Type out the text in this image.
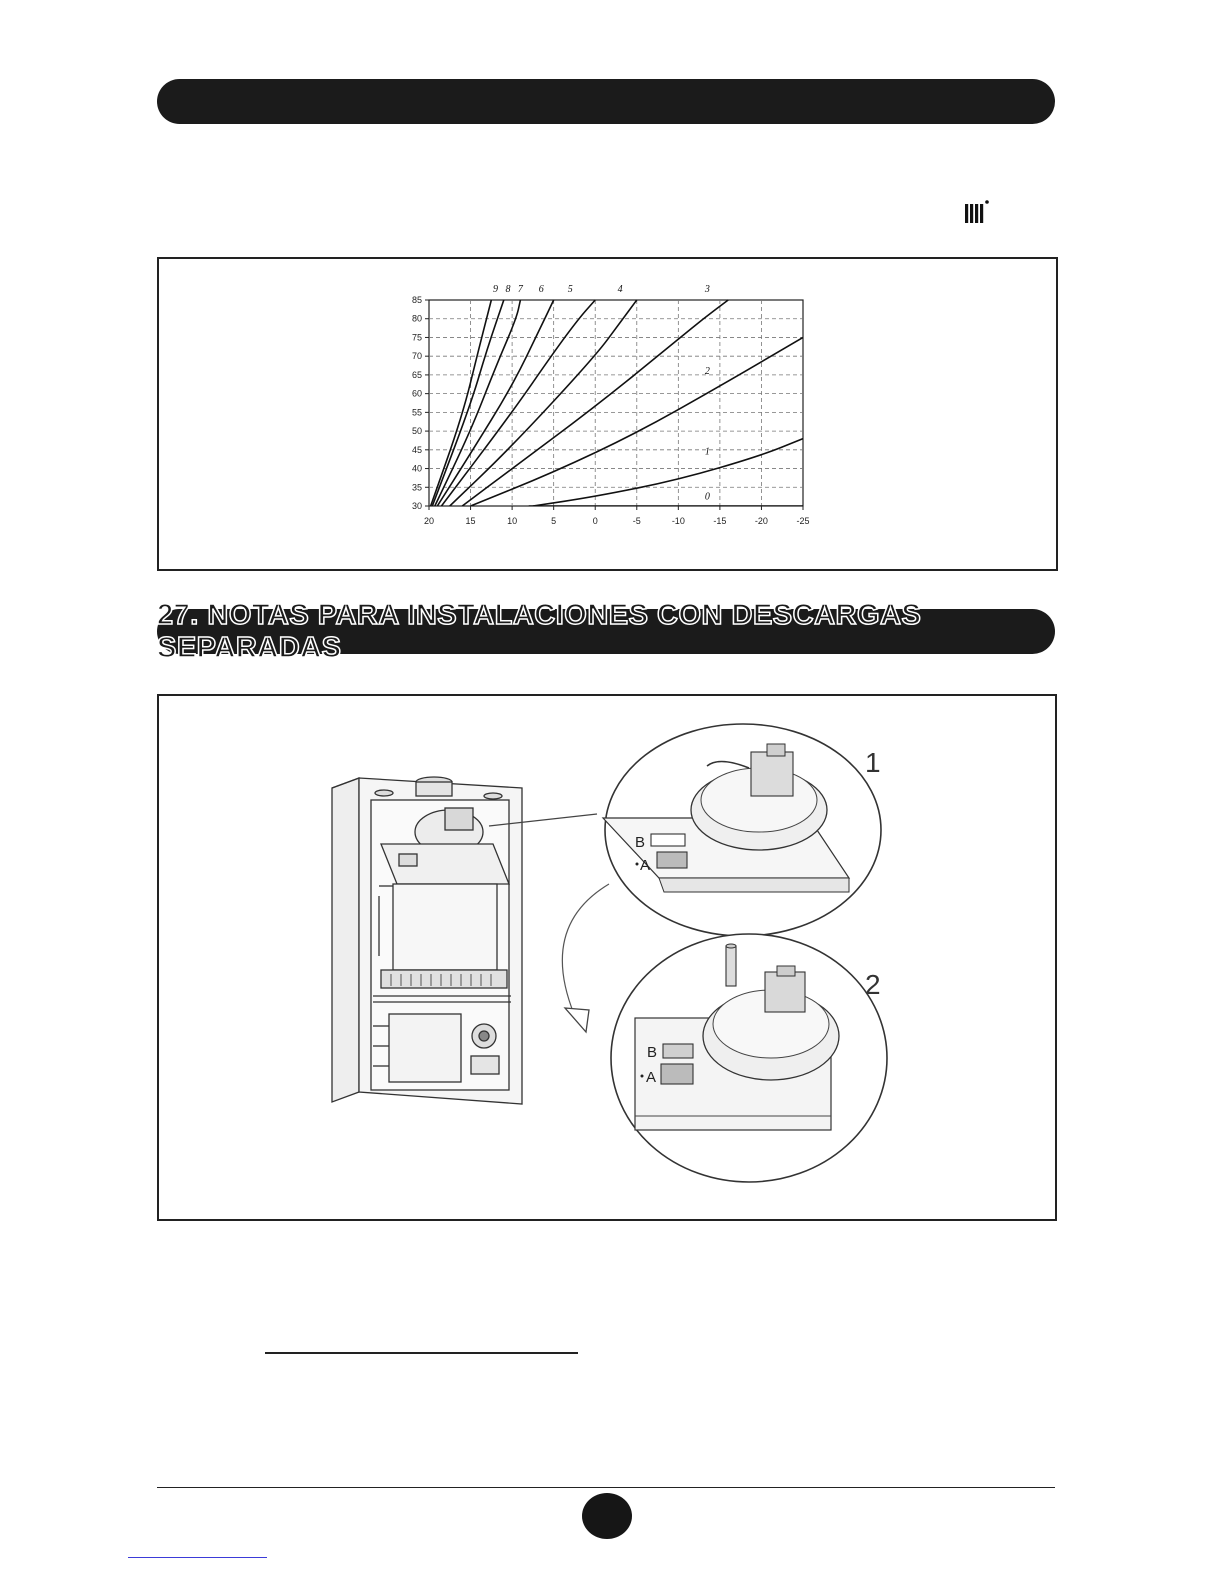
20	15	10	5	0	-5	-10	-15	-20	-25
30
35
40
45
50
55
60
65
70
75
80
85
0
1
2
3
4
5
6
7
8
9
27. NOTAS PARA INSTALACIONES CON DESCARGAS SEPARADAS
B
A
1
B
A
2
